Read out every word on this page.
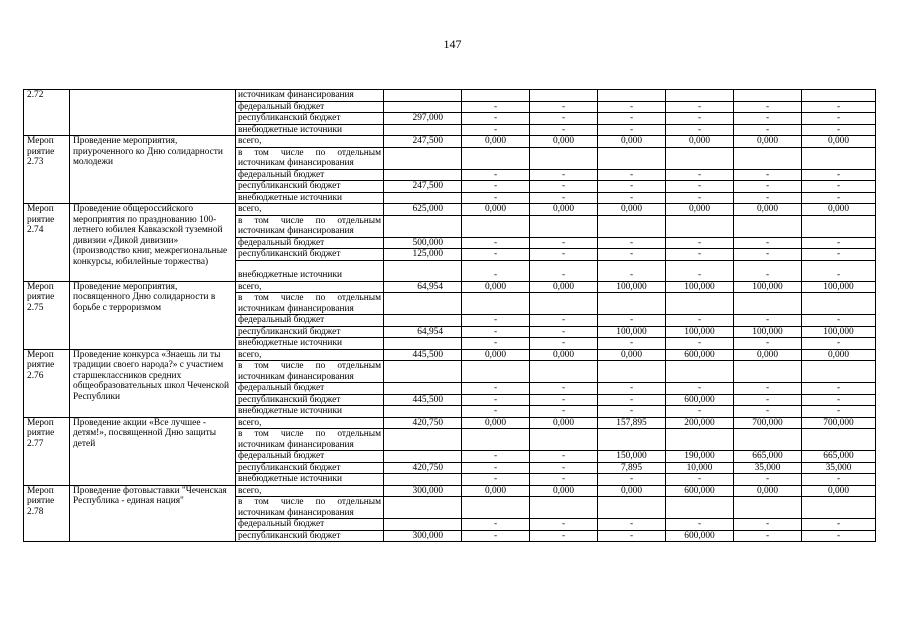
147
2.72		источникам финансирования							
		федеральный бюджет		-	-	-	-	-	-
		республиканский бюджет	297,000	-	-	-	-	-	-
		внебюджетные источники		-	-	-	-	-	-
Мероп риятие 2.73	Проведение мероприятия, приуроченного ко Дню солидарности молодежи	всего,	247,500	0,000	0,000	0,000	0,000	0,000	0,000
		в том числе по отдельным источникам финансирования							
		федеральный бюджет		-	-	-	-	-	-
		республиканский бюджет	247,500	-	-	-	-	-	-
		внебюджетные источники		-	-	-	-	-	-
Мероп риятие 2.74	Проведение общероссийского мероприятия по празднованию 100-летнего юбилея Кавказской туземной дивизии «Дикой дивизии» (производство книг, межрегиональные конкурсы, юбилейные торжества)	всего,	625,000	0,000	0,000	0,000	0,000	0,000	0,000
		в том числе по отдельным источникам финансирования							
		федеральный бюджет	500,000	-	-	-	-	-	-
		республиканский бюджет	125,000	-	-	-	-	-	-
		внебюджетные источники		-	-	-	-	-	-
Мероп риятие 2.75	Проведение мероприятия, посвященного Дню солидарности в борьбе с терроризмом	всего,	64,954	0,000	0,000	100,000	100,000	100,000	100,000
		в том числе по отдельным источникам финансирования							
		федеральный бюджет		-	-	-	-	-	-
		республиканский бюджет	64,954	-	-	100,000	100,000	100,000	100,000
		внебюджетные источники		-	-	-	-	-	-
Мероп риятие 2.76	Проведение конкурса «Знаешь ли ты традиции своего народа?» с участием старшеклассников средних общеобразовательных школ Чеченской Республики	всего,	445,500	0,000	0,000	0,000	600,000	0,000	0,000
		в том числе по отдельным источникам финансирования							
		федеральный бюджет		-	-	-	-	-	-
		республиканский бюджет	445,500	-	-	-	600,000	-	-
		внебюджетные источники		-	-	-	-	-	-
Мероп риятие 2.77	Проведение акции «Все лучшее - детям!», посвященной Дню защиты детей	всего,	420,750	0,000	0,000	157,895	200,000	700,000	700,000
		в том числе по отдельным источникам финансирования							
		федеральный бюджет		-	-	150,000	190,000	665,000	665,000
		республиканский бюджет	420,750	-	-	7,895	10,000	35,000	35,000
		внебюджетные источники		-	-	-	-	-	-
Мероп риятие 2.78	Проведение фотовыставки "Чеченская Республика - единая нация"	всего,	300,000	0,000	0,000	0,000	600,000	0,000	0,000
		в том числе по отдельным источникам финансирования							
		федеральный бюджет		-	-	-	-	-	-
		республиканский бюджет	300,000	-	-	-	600,000	-	-
